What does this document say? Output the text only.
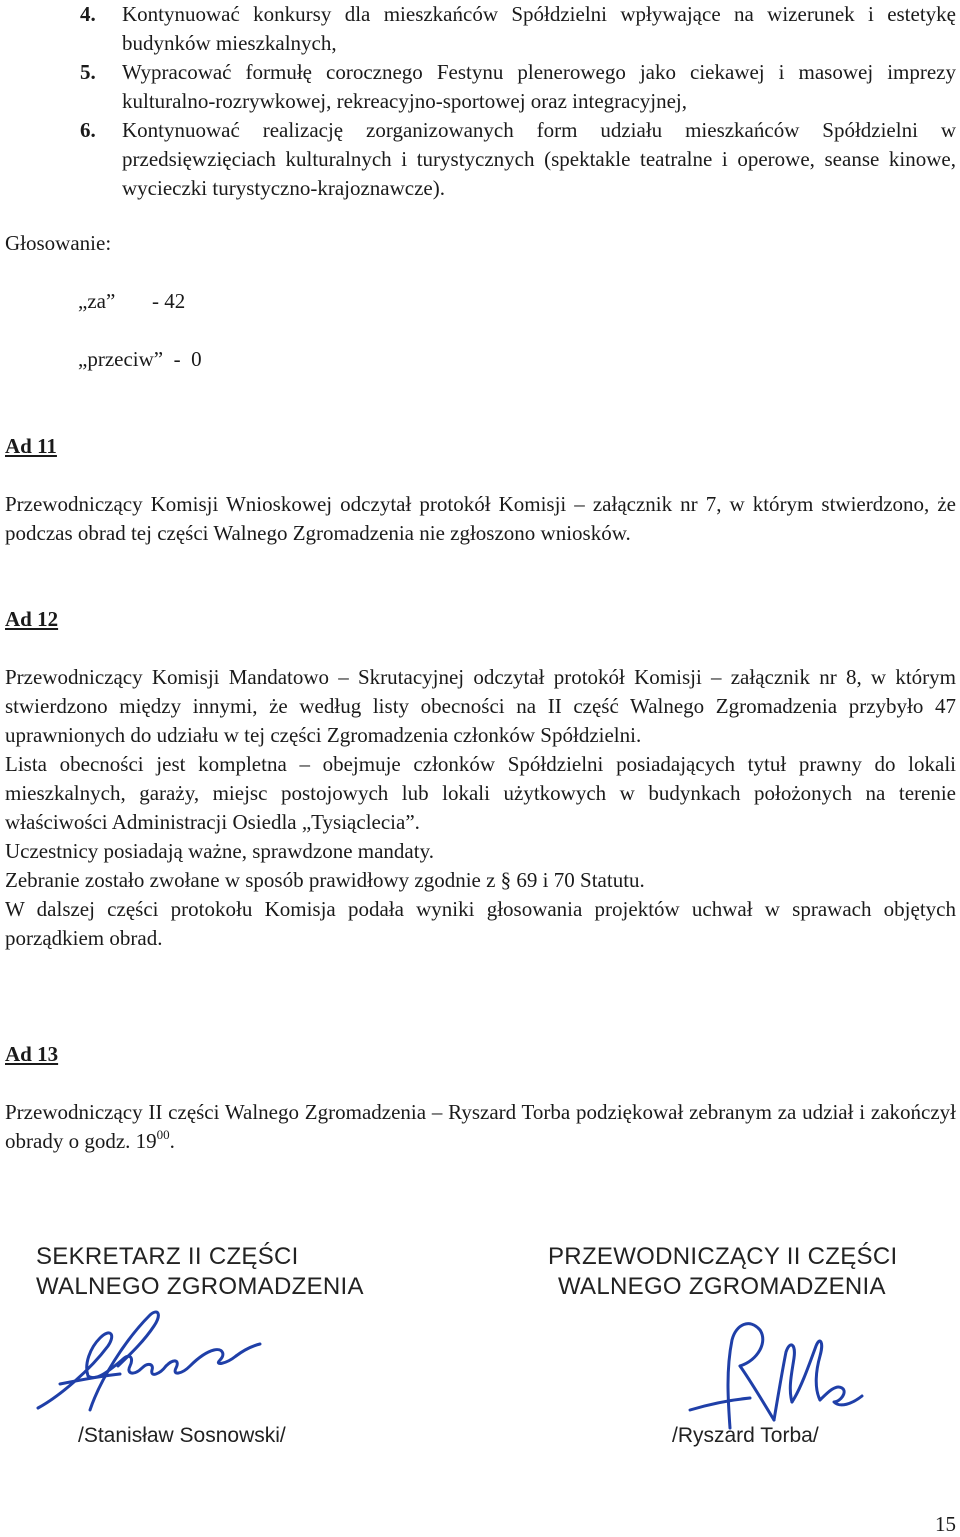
4. Kontynuować konkursy dla mieszkańców Spółdzielni wpływające na wizerunek i estetykę budynków mieszkalnych,
5. Wypracować formułę corocznego Festynu plenerowego jako ciekawej i masowej imprezy kulturalno-rozrywkowej, rekreacyjno-sportowej oraz integracyjnej,
6. Kontynuować realizację zorganizowanych form udziału mieszkańców Spółdzielni w przedsięwzięciach kulturalnych i turystycznych (spektakle teatralne i operowe, seanse kinowe, wycieczki turystyczno-krajoznawcze).
Głosowanie:
„za”       - 42
„przeciw”  -  0
Ad 11

Przewodniczący Komisji Wnioskowej odczytał protokół Komisji – załącznik nr 7, w którym stwierdzono, że podczas obrad tej części Walnego Zgromadzenia nie zgłoszono wniosków.

Ad 12

Przewodniczący Komisji Mandatowo – Skrutacyjnej odczytał protokół Komisji – załącznik nr 8, w którym stwierdzono między innymi, że według listy obecności na II część Walnego Zgromadzenia przybyło 47 uprawnionych do udziału w tej części Zgromadzenia członków Spółdzielni.

Lista obecności jest kompletna – obejmuje członków Spółdzielni posiadających tytuł prawny do lokali mieszkalnych, garaży, miejsc postojowych lub lokali użytkowych w budynkach położonych na terenie właściwości Administracji Osiedla „Tysiąclecia”.

Uczestnicy posiadają ważne, sprawdzone mandaty.

Zebranie zostało zwołane w sposób prawidłowy zgodnie z § 69 i 70 Statutu.

W dalszej części protokołu Komisja podała wyniki głosowania projektów uchwał w sprawach objętych porządkiem obrad.

Ad 13

Przewodniczący II części Walnego Zgromadzenia – Ryszard Torba podziękował zebranym za udział i zakończył obrady o godz. $19^{00}$.

SEKRETARZ II CZĘŚCI
WALNEGO ZGROMADZENIA
/Stanisław Sosnowski/
PRZEWODNICZĄCY II CZĘŚCI
WALNEGO ZGROMADZENIA
/Ryszard Torba/
15
